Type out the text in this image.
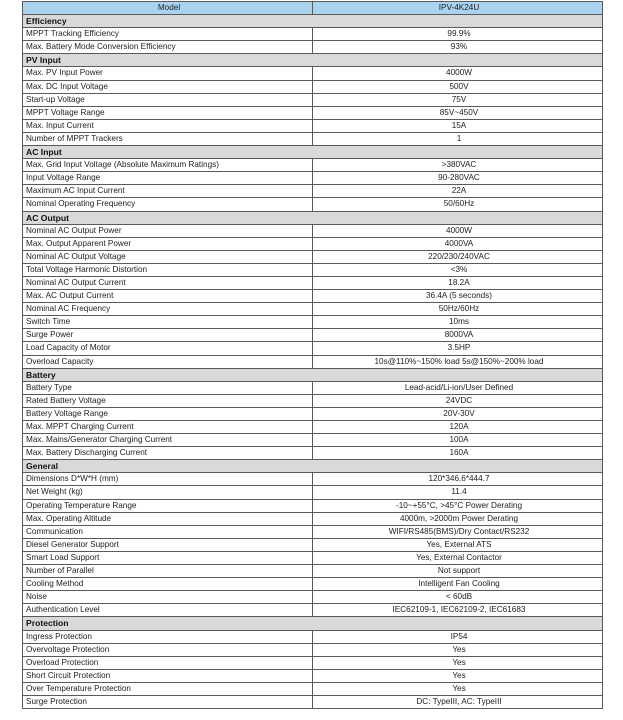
Model	IPV-4K24U
Efficiency	
MPPT Tracking Efficiency	99.9%
Max. Battery Mode Conversion Efficiency	93%
PV Input	
Max. PV Input Power	4000W
Max. DC Input Voltage	500V
Start-up Voltage	75V
MPPT Voltage Range	85V~450V
Max. Input Current	15A
Number of MPPT Trackers	1
AC Input	
Max. Grid Input Voltage (Absolute Maximum Ratings)	>380VAC
Input Voltage Range	90-280VAC
Maximum AC Input Current	22A
Nominal Operating Frequency	50/60Hz
AC Output	
Nominal AC Output Power	4000W
Max. Output Apparent Power	4000VA
Nominal AC Output Voltage	220/230/240VAC
Total Voltage Harmonic Distortion	<3%
Nominal AC Output Current	18.2A
Max. AC Output Current	36.4A (5 seconds)
Nominal AC Frequency	50Hz/60Hz
Switch Time	10ms
Surge Power	8000VA
Load Capacity of Motor	3.5HP
Overload Capacity	10s@110%~150% load 5s@150%~200% load
Battery	
Battery Type	Lead-acid/Li-ion/User Defined
Rated Battery Voltage	24VDC
Battery Voltage Range	20V-30V
Max. MPPT Charging Current	120A
Max. Mains/Generator Charging Current	100A
Max. Battery Discharging Current	160A
General	
Dimensions D*W*H (mm)	120*346.6*444.7
Net Weight (kg)	11.4
Operating Temperature Range	-10~+55°C, >45°C Power Derating
Max. Operating Altitude	4000m, >2000m Power Derating
Communication	WIFI/RS485(BMS)/Dry Contact/RS232
Diesel Generator Support	Yes, External ATS
Smart Load Support	Yes, External Contactor
Number of Parallel	Not support
Cooling Method	Intelligent Fan Cooling
Noise	< 60dB
Authentication Level	IEC62109-1, IEC62109-2, IEC61683
Protection	
Ingress Protection	IP54
Overvoltage Protection	Yes
Overload Protection	Yes
Short Circuit Protection	Yes
Over Temperature Protection	Yes
Surge Protection	DC: TypeIII, AC: TypeIII
